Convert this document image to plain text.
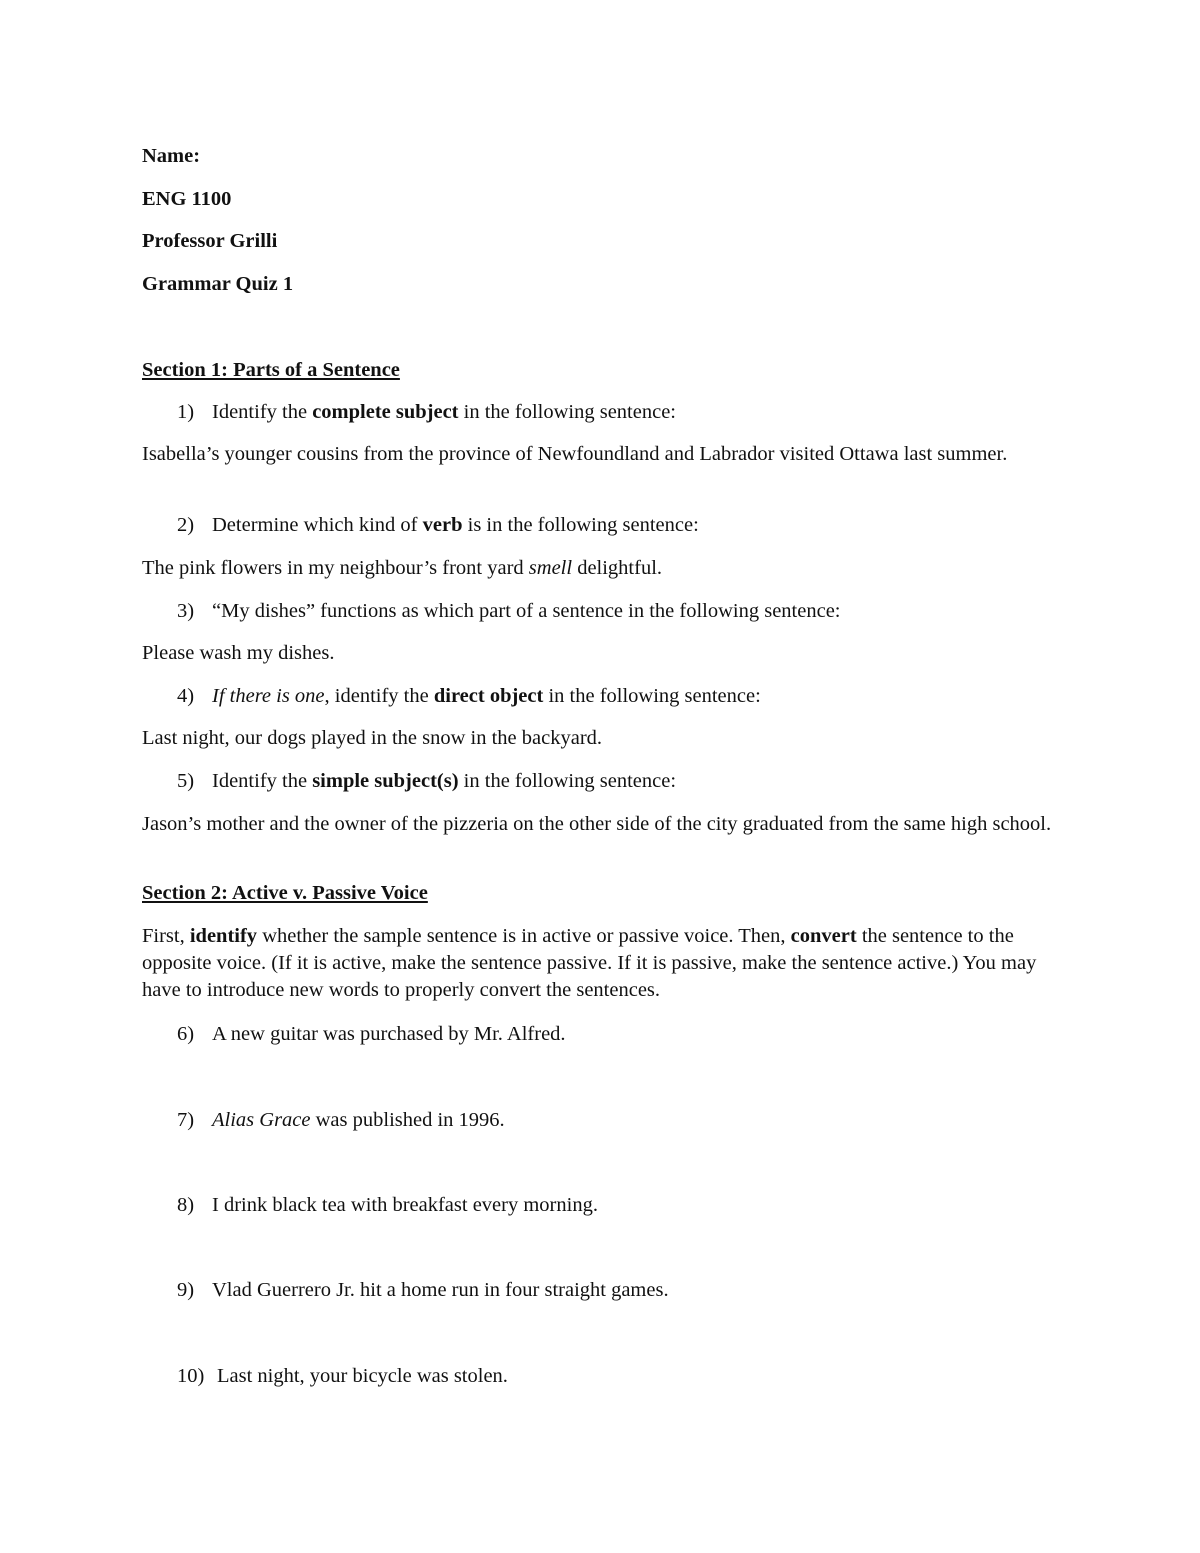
Name:
ENG 1100
Professor Grilli
Grammar Quiz 1
Section 1: Parts of a Sentence
1) Identify the complete subject in the following sentence:
Isabella’s younger cousins from the province of Newfoundland and Labrador visited Ottawa last summer.
2) Determine which kind of verb is in the following sentence:
The pink flowers in my neighbour’s front yard smell delightful.
3) “My dishes” functions as which part of a sentence in the following sentence:
Please wash my dishes.
4) If there is one, identify the direct object in the following sentence:
Last night, our dogs played in the snow in the backyard.
5) Identify the simple subject(s) in the following sentence:
Jason’s mother and the owner of the pizzeria on the other side of the city graduated from the same high school.
Section 2: Active v. Passive Voice
First, identify whether the sample sentence is in active or passive voice. Then, convert the sentence to the opposite voice. (If it is active, make the sentence passive. If it is passive, make the sentence active.) You may have to introduce new words to properly convert the sentences.
6) A new guitar was purchased by Mr. Alfred.
7) Alias Grace was published in 1996.
8) I drink black tea with breakfast every morning.
9) Vlad Guerrero Jr. hit a home run in four straight games.
10) Last night, your bicycle was stolen.
